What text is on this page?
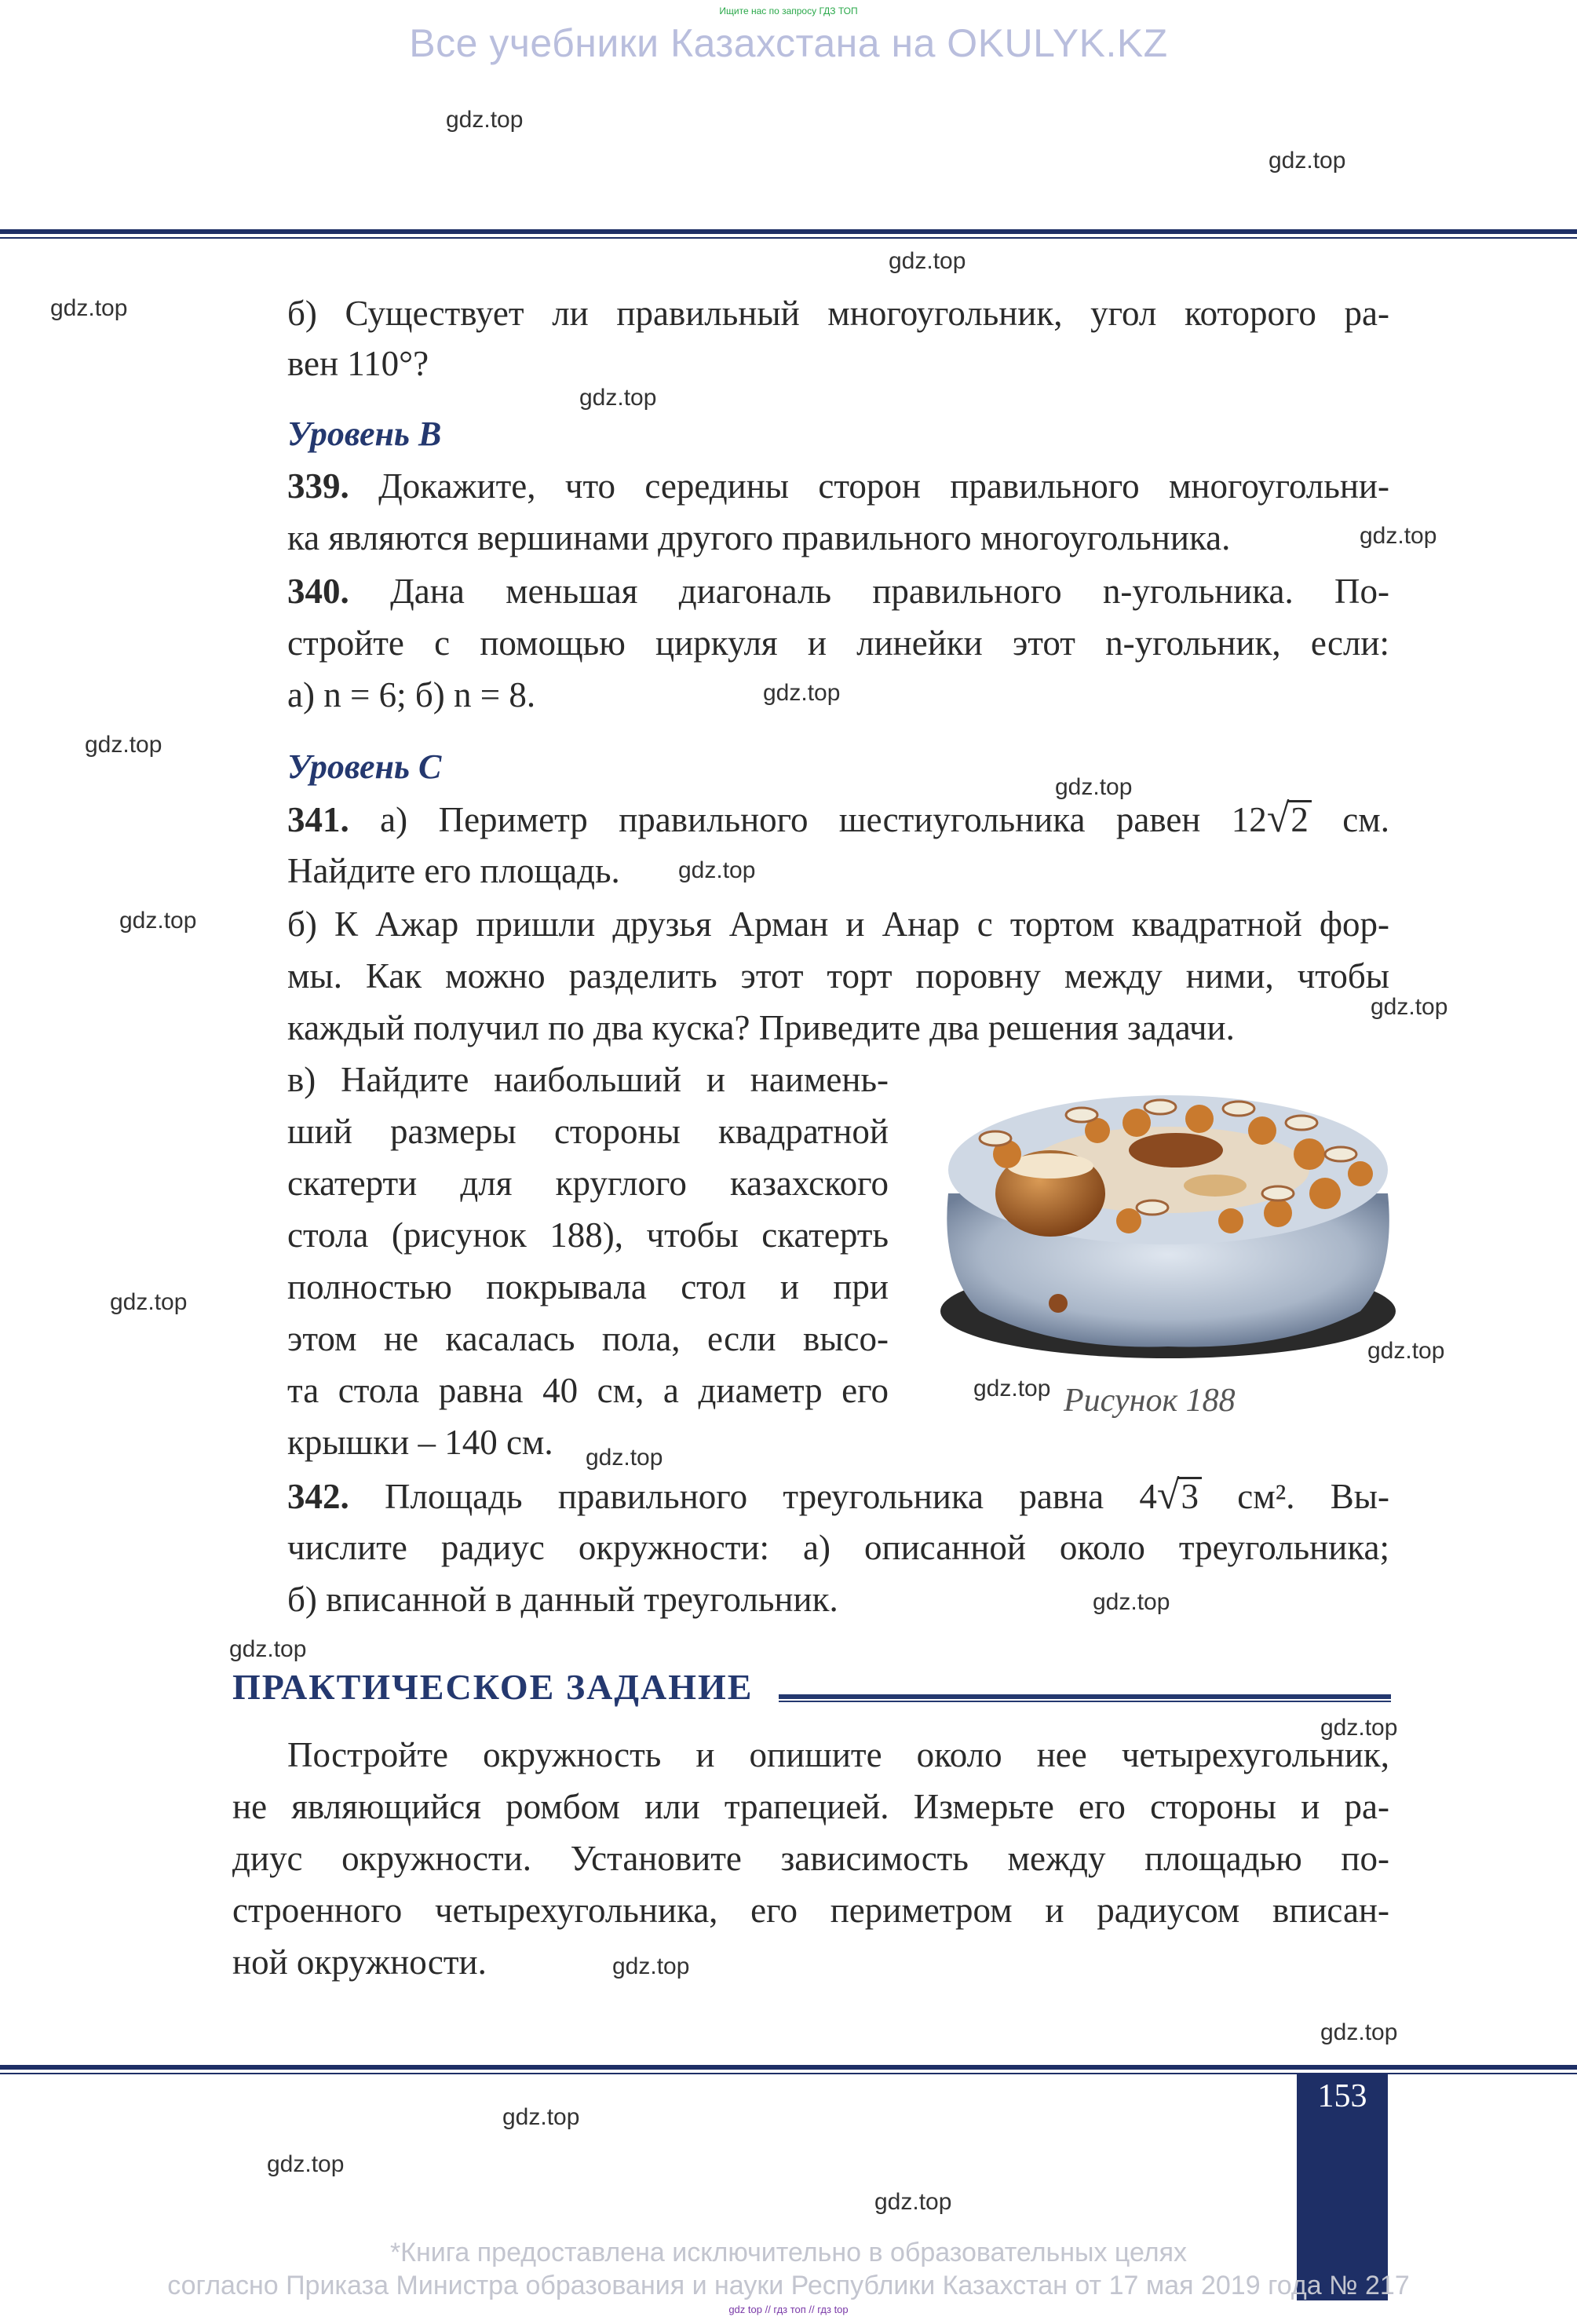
Ищите нас по запросу ГДЗ ТОП
Все учебники Казахстана на OKULYK.KZ
б) Существует ли правильный многоугольник, угол которого ра-
вен 110°?
Уровень B
339. Докажите, что середины сторон правильного многоугольни-
ка являются вершинами другого правильного многоугольника.
340. Дана меньшая диагональ правильного n-угольника. По-
стройте с помощью циркуля и линейки этот n-угольник, если:
а) n = 6; б) n = 8.
Уровень C
341. а) Периметр правильного шестиугольника равен 12√2 см.
Найдите его площадь.
б) К Ажар пришли друзья Арман и Анар с тортом квадратной фор-
мы. Как можно разделить этот торт поровну между ними, чтобы
каждый получил по два куска? Приведите два решения задачи.
в) Найдите наибольший и наимень-
ший размеры стороны квадратной
скатерти для круглого казахского
стола (рисунок 188), чтобы скатерть
полностью покрывала стол и при
этом не касалась пола, если высо-
та стола равна 40 см, а диаметр его
крышки – 140 см.
Рисунок 188
342. Площадь правильного треугольника равна 4√3 см². Вы-
числите радиус окружности: а) описанной около треугольника;
б) вписанной в данный треугольник.
ПРАКТИЧЕСКОЕ ЗАДАНИЕ
Постройте окружность и опишите около нее четырехугольник,
не являющийся ромбом или трапецией. Измерьте его стороны и ра-
диус окружности. Установите зависимость между площадью по-
строенного четырехугольника, его периметром и радиусом вписан-
ной окружности.
153
*Книга предоставлена исключительно в образовательных целях
согласно Приказа Министра образования и науки Республики Казахстан от 17 мая 2019 года № 217
gdz top // гдз топ // гдз top
gdz.top
gdz.top
gdz.top
gdz.top
gdz.top
gdz.top
gdz.top
gdz.top
gdz.top
gdz.top
gdz.top
gdz.top
gdz.top
gdz.top
gdz.top
gdz.top
gdz.top
gdz.top
gdz.top
gdz.top
gdz.top
gdz.top
gdz.top
gdz.top
